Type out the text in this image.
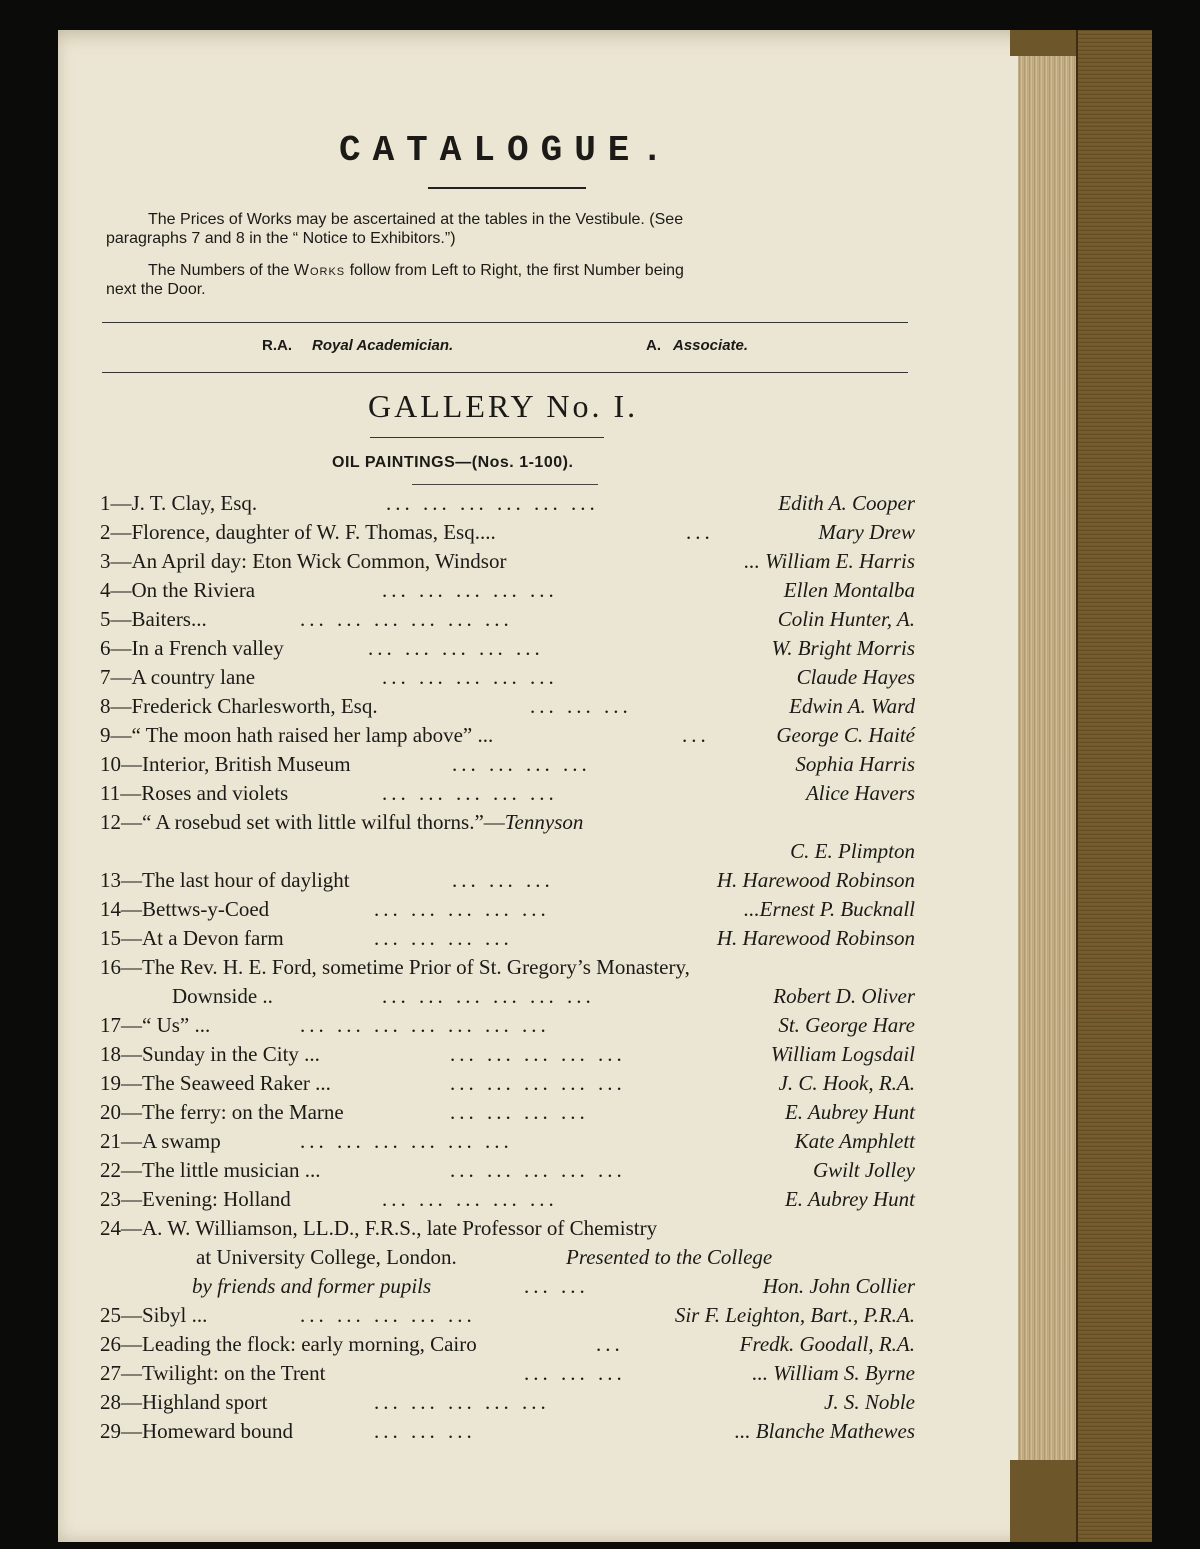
CATALOGUE.
The Prices of Works may be ascertained at the tables in the Vestibule. (See
paragraphs 7 and 8 in the “ Notice to Exhibitors.”)
The Numbers of the Works follow from Left to Right, the first Number being
next the Door.
R.A. Royal Academician.	A. Associate.
GALLERY No. I.
OIL PAINTINGS—(Nos. 1-100).
1—J. T. Clay, Esq.	... ... ... ... ... ...	Edith A. Cooper
2—Florence, daughter of W. F. Thomas, Esq....	...	Mary Drew
3—An April day: Eton Wick Common, Windsor	... William E. Harris
4—On the Riviera	... ... ... ... ...	Ellen Montalba
5—Baiters...	... ... ... ... ... ...	Colin Hunter, A.
6—In a French valley	... ... ... ... ...	W. Bright Morris
7—A country lane	... ... ... ... ...	Claude Hayes
8—Frederick Charlesworth, Esq.	... ... ...	Edwin A. Ward
9—“ The moon hath raised her lamp above” ...	...	George C. Haité
10—Interior, British Museum	... ... ... ...	Sophia Harris
11—Roses and violets	... ... ... ... ...	Alice Havers
12—“ A rosebud set with little wilful thorns.”—Tennyson
C. E. Plimpton
13—The last hour of daylight	... ... ...	H. Harewood Robinson
14—Bettws-y-Coed	... ... ... ... ...	...Ernest P. Bucknall
15—At a Devon farm	... ... ... ...	H. Harewood Robinson
16—The Rev. H. E. Ford, sometime Prior of St. Gregory’s Monastery,
Downside ..	... ... ... ... ... ...	Robert D. Oliver
17—“ Us” ...	... ... ... ... ... ... ...	St. George Hare
18—Sunday in the City ...	... ... ... ... ...	William Logsdail
19—The Seaweed Raker ...	... ... ... ... ...	J. C. Hook, R.A.
20—The ferry: on the Marne	... ... ... ...	E. Aubrey Hunt
21—A swamp	... ... ... ... ... ...	Kate Amphlett
22—The little musician ...	... ... ... ... ...	Gwilt Jolley
23—Evening: Holland	... ... ... ... ...	E. Aubrey Hunt
24—A. W. Williamson, LL.D., F.R.S., late Professor of Chemistry
at University College, London.	Presented to the College
by friends and former pupils	... ...	Hon. John Collier
25—Sibyl ...	... ... ... ... ...	Sir F. Leighton, Bart., P.R.A.
26—Leading the flock: early morning, Cairo	...	Fredk. Goodall, R.A.
27—Twilight: on the Trent	... ... ...	... William S. Byrne
28—Highland sport	... ... ... ... ...	J. S. Noble
29—Homeward bound	... ... ...	... Blanche Mathewes
